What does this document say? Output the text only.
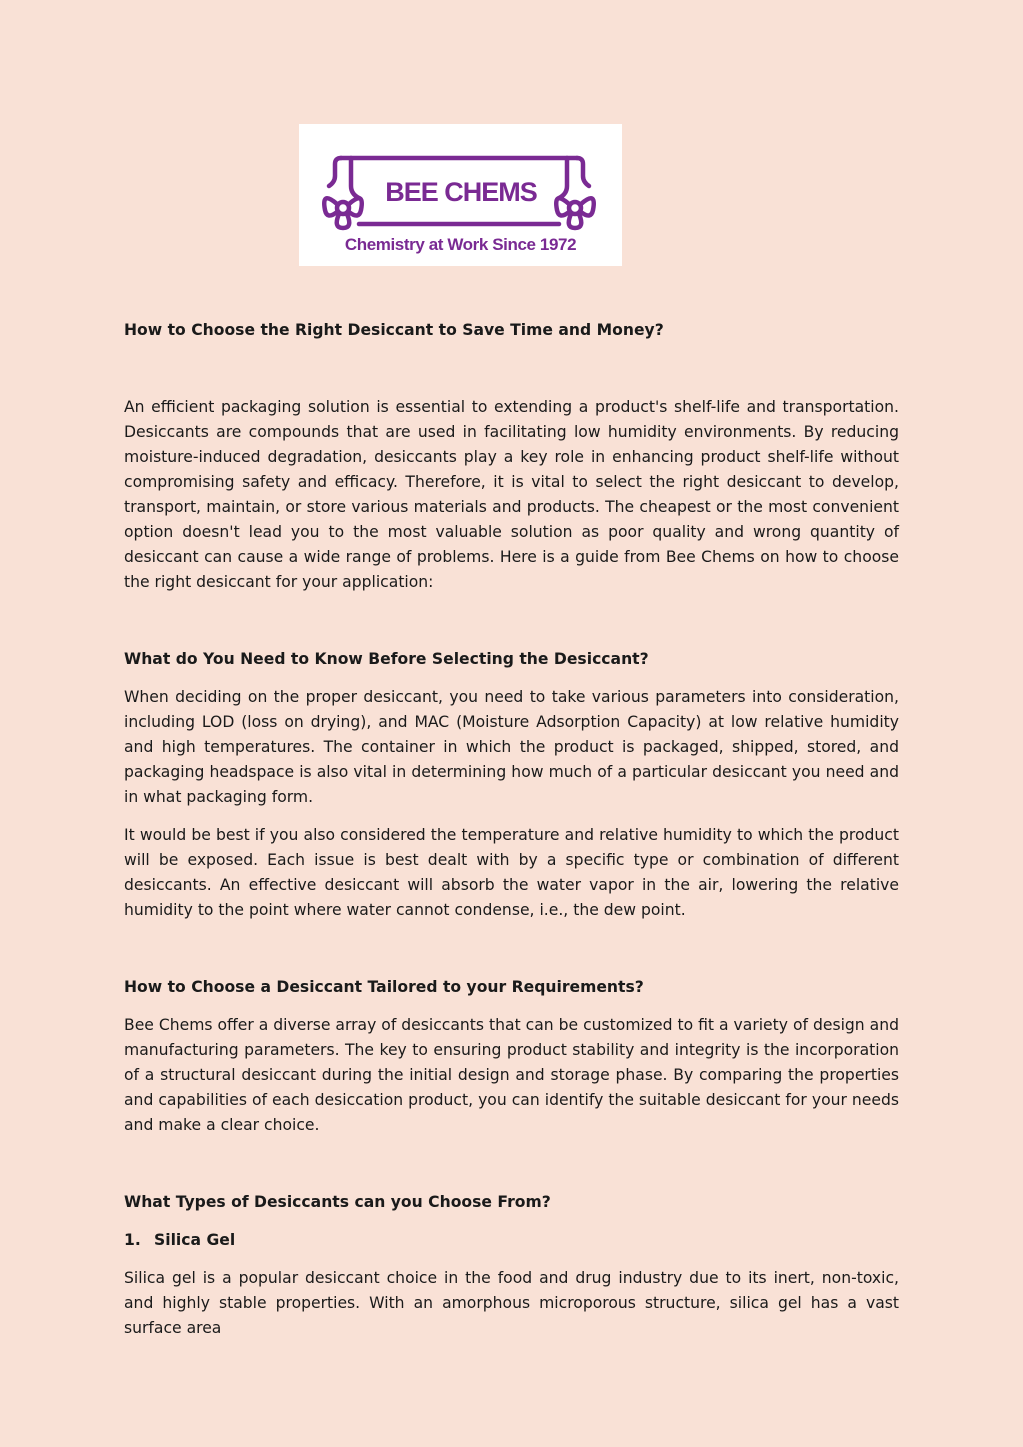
BEE CHEMS
Chemistry at Work Since 1972
How to Choose the Right Desiccant to Save Time and Money?

An efficient packaging solution is essential to extending a product's shelf-life and transportation. Desiccants are compounds that are used in facilitating low humidity environments. By reducing moisture-induced degradation, desiccants play a key role in enhancing product shelf-life without compromising safety and efficacy. Therefore, it is vital to select the right desiccant to develop, transport, maintain, or store various materials and products. The cheapest or the most convenient option doesn't lead you to the most valuable solution as poor quality and wrong quantity of desiccant can cause a wide range of problems. Here is a guide from Bee Chems on how to choose the right desiccant for your application:

What do You Need to Know Before Selecting the Desiccant?

When deciding on the proper desiccant, you need to take various parameters into consideration, including LOD (loss on drying), and MAC (Moisture Adsorption Capacity) at low relative humidity and high temperatures. The container in which the product is packaged, shipped, stored, and packaging headspace is also vital in determining how much of a particular desiccant you need and in what packaging form.

It would be best if you also considered the temperature and relative humidity to which the product will be exposed. Each issue is best dealt with by a specific type or combination of different desiccants. An effective desiccant will absorb the water vapor in the air, lowering the relative humidity to the point where water cannot condense, i.e., the dew point.

How to Choose a Desiccant Tailored to your Requirements?

Bee Chems offer a diverse array of desiccants that can be customized to fit a variety of design and manufacturing parameters. The key to ensuring product stability and integrity is the incorporation of a structural desiccant during the initial design and storage phase. By comparing the properties and capabilities of each desiccation product, you can identify the suitable desiccant for your needs and make a clear choice.

What Types of Desiccants can you Choose From?
1. Silica Gel

Silica gel is a popular desiccant choice in the food and drug industry due to its inert, non-toxic, and highly stable properties. With an amorphous microporous structure, silica gel has a vast surface area
